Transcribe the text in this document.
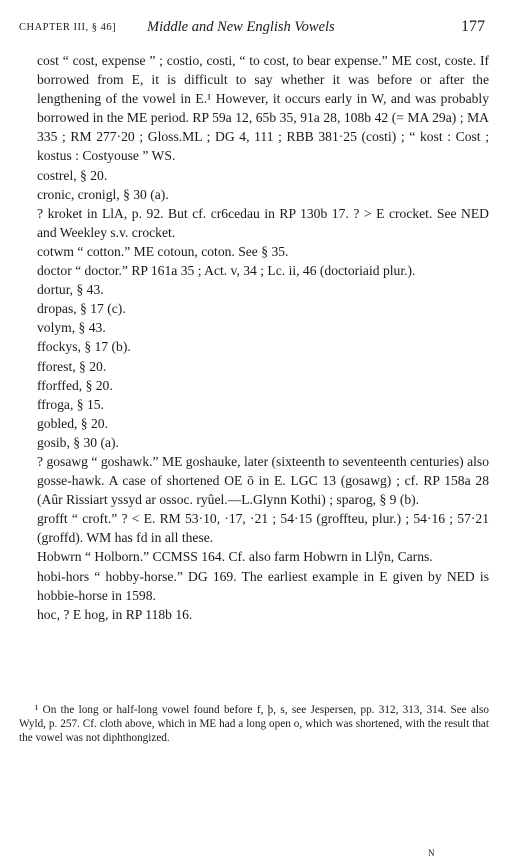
CHAPTER III, § 46] Middle and New English Vowels	177

cost “ cost, expense ” ; costio, costi, “ to cost, to bear expense.” ME cost, coste. If borrowed from E, it is difficult to say whether it was before or after the lengthening of the vowel in E.¹ However, it occurs early in W, and was probably borrowed in the ME period. RP 59a 12, 65b 35, 91a 28, 108b 42 (= MA 29a) ; MA 335 ; RM 277·20 ; Gloss.ML ; DG 4, 111 ; RBB 381·25 (costi) ; “ kost : Cost ; kostus : Costyouse ” WS.

costrel, § 20.

cronic, cronigl, § 30 (a).

? kroket in LlA, p. 92. But cf. cr6cedau in RP 130b 17. ? > E crocket. See NED and Weekley s.v. crocket.

cotwm “ cotton.” ME cotoun, coton. See § 35.

doctor “ doctor.” RP 161a 35 ; Act. v, 34 ; Lc. ii, 46 (doctoriaid plur.).

dortur, § 43.

dropas, § 17 (c).

volym, § 43.

ffockys, § 17 (b).

fforest, § 20.

fforffed, § 20.

ffroga, § 15.

gobled, § 20.

gosib, § 30 (a).

? gosawg “ goshawk.” ME goshauke, later (sixteenth to seventeenth centuries) also gosse-hawk. A case of shortened OE ō in E. LGC 13 (gosawg) ; cf. RP 158a 28 (Aûr Rissiart yssyd ar ossoc. ryûel.—L.Glynn Kothi) ; sparog, § 9 (b).

grofft “ croft.” ? < E. RM 53·10, ·17, ·21 ; 54·15 (groffteu, plur.) ; 54·16 ; 57·21 (groffd). WM has fd in all these.

Hobwrn “ Holborn.” CCMSS 164. Cf. also farm Hobwrn in Llŷn, Carns.

hobi-hors “ hobby-horse.” DG 169. The earliest example in E given by NED is hobbie-horse in 1598.

hoc, ? E hog, in RP 118b 16.

¹ On the long or half-long vowel found before f, þ, s, see Jespersen, pp. 312, 313, 314. See also Wyld, p. 257. Cf. cloth above, which in ME had a long open o, which was shortened, with the result that the vowel was not diphthongized.
N
